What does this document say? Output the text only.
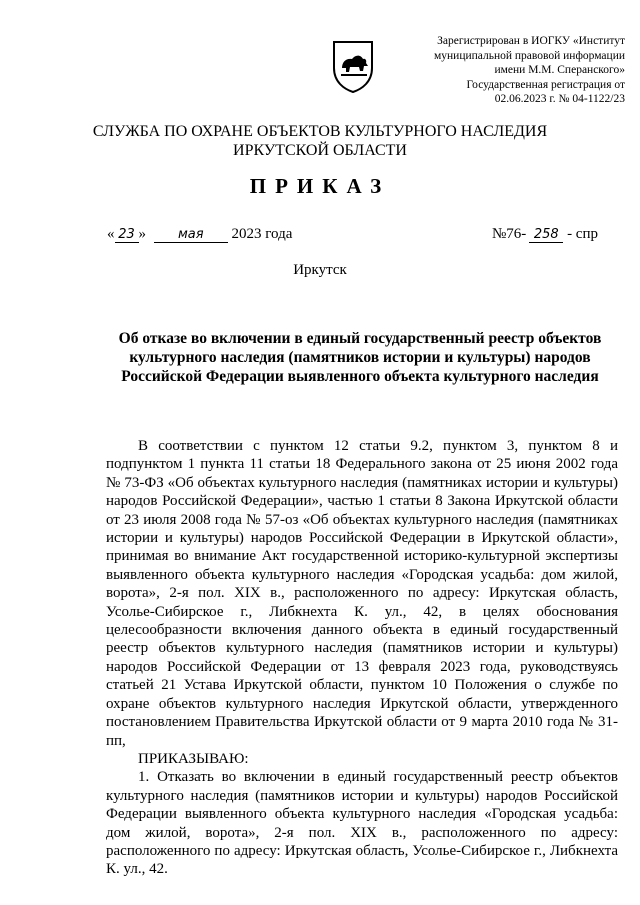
Зарегистрирован в ИОГКУ «Институт
муниципальной правовой информации
имени М.М. Сперанского»
Государственная регистрация от
02.06.2023 г. № 04-1122/23
СЛУЖБА ПО ОХРАНЕ ОБЪЕКТОВ КУЛЬТУРНОГО НАСЛЕДИЯ
ИРКУТСКОЙ ОБЛАСТИ
ПРИКАЗ
« 23 » мая 2023 года	№76- 258 - спр
Иркутск
Об отказе во включении в единый государственный реестр объектов
культурного наследия (памятников истории и культуры) народов
Российской Федерации выявленного объекта культурного наследия

В соответствии с пунктом 12 статьи 9.2, пунктом 3, пунктом 8 и подпунктом 1 пункта 11 статьи 18 Федерального закона от 25 июня 2002 года № 73-ФЗ «Об объектах культурного наследия (памятниках истории и культуры) народов Российской Федерации», частью 1 статьи 8 Закона Иркутской области от 23 июля 2008 года № 57-оз «Об объектах культурного наследия (памятниках истории и культуры) народов Российской Федерации в Иркутской области», принимая во внимание Акт государственной историко-культурной экспертизы выявленного объекта культурного наследия «Городская усадьба: дом жилой, ворота», 2-я пол. XIX в., расположенного по адресу: Иркутская область, Усолье-Сибирское г., Либкнехта К. ул., 42, в целях обоснования целесообразности включения данного объекта в единый государственный реестр объектов культурного наследия (памятников истории и культуры) народов Российской Федерации от 13 февраля 2023 года, руководствуясь статьей 21 Устава Иркутской области, пунктом 10 Положения о службе по охране объектов культурного наследия Иркутской области, утвержденного постановлением Правительства Иркутской области от 9 марта 2010 года № 31-пп,

ПРИКАЗЫВАЮ:

1. Отказать во включении в единый государственный реестр объектов культурного наследия (памятников истории и культуры) народов Российской Федерации выявленного объекта культурного наследия «Городская усадьба: дом жилой, ворота», 2-я пол. XIX в., расположенного по адресу: расположенного по адресу: Иркутская область, Усолье-Сибирское г., Либкнехта К. ул., 42.
